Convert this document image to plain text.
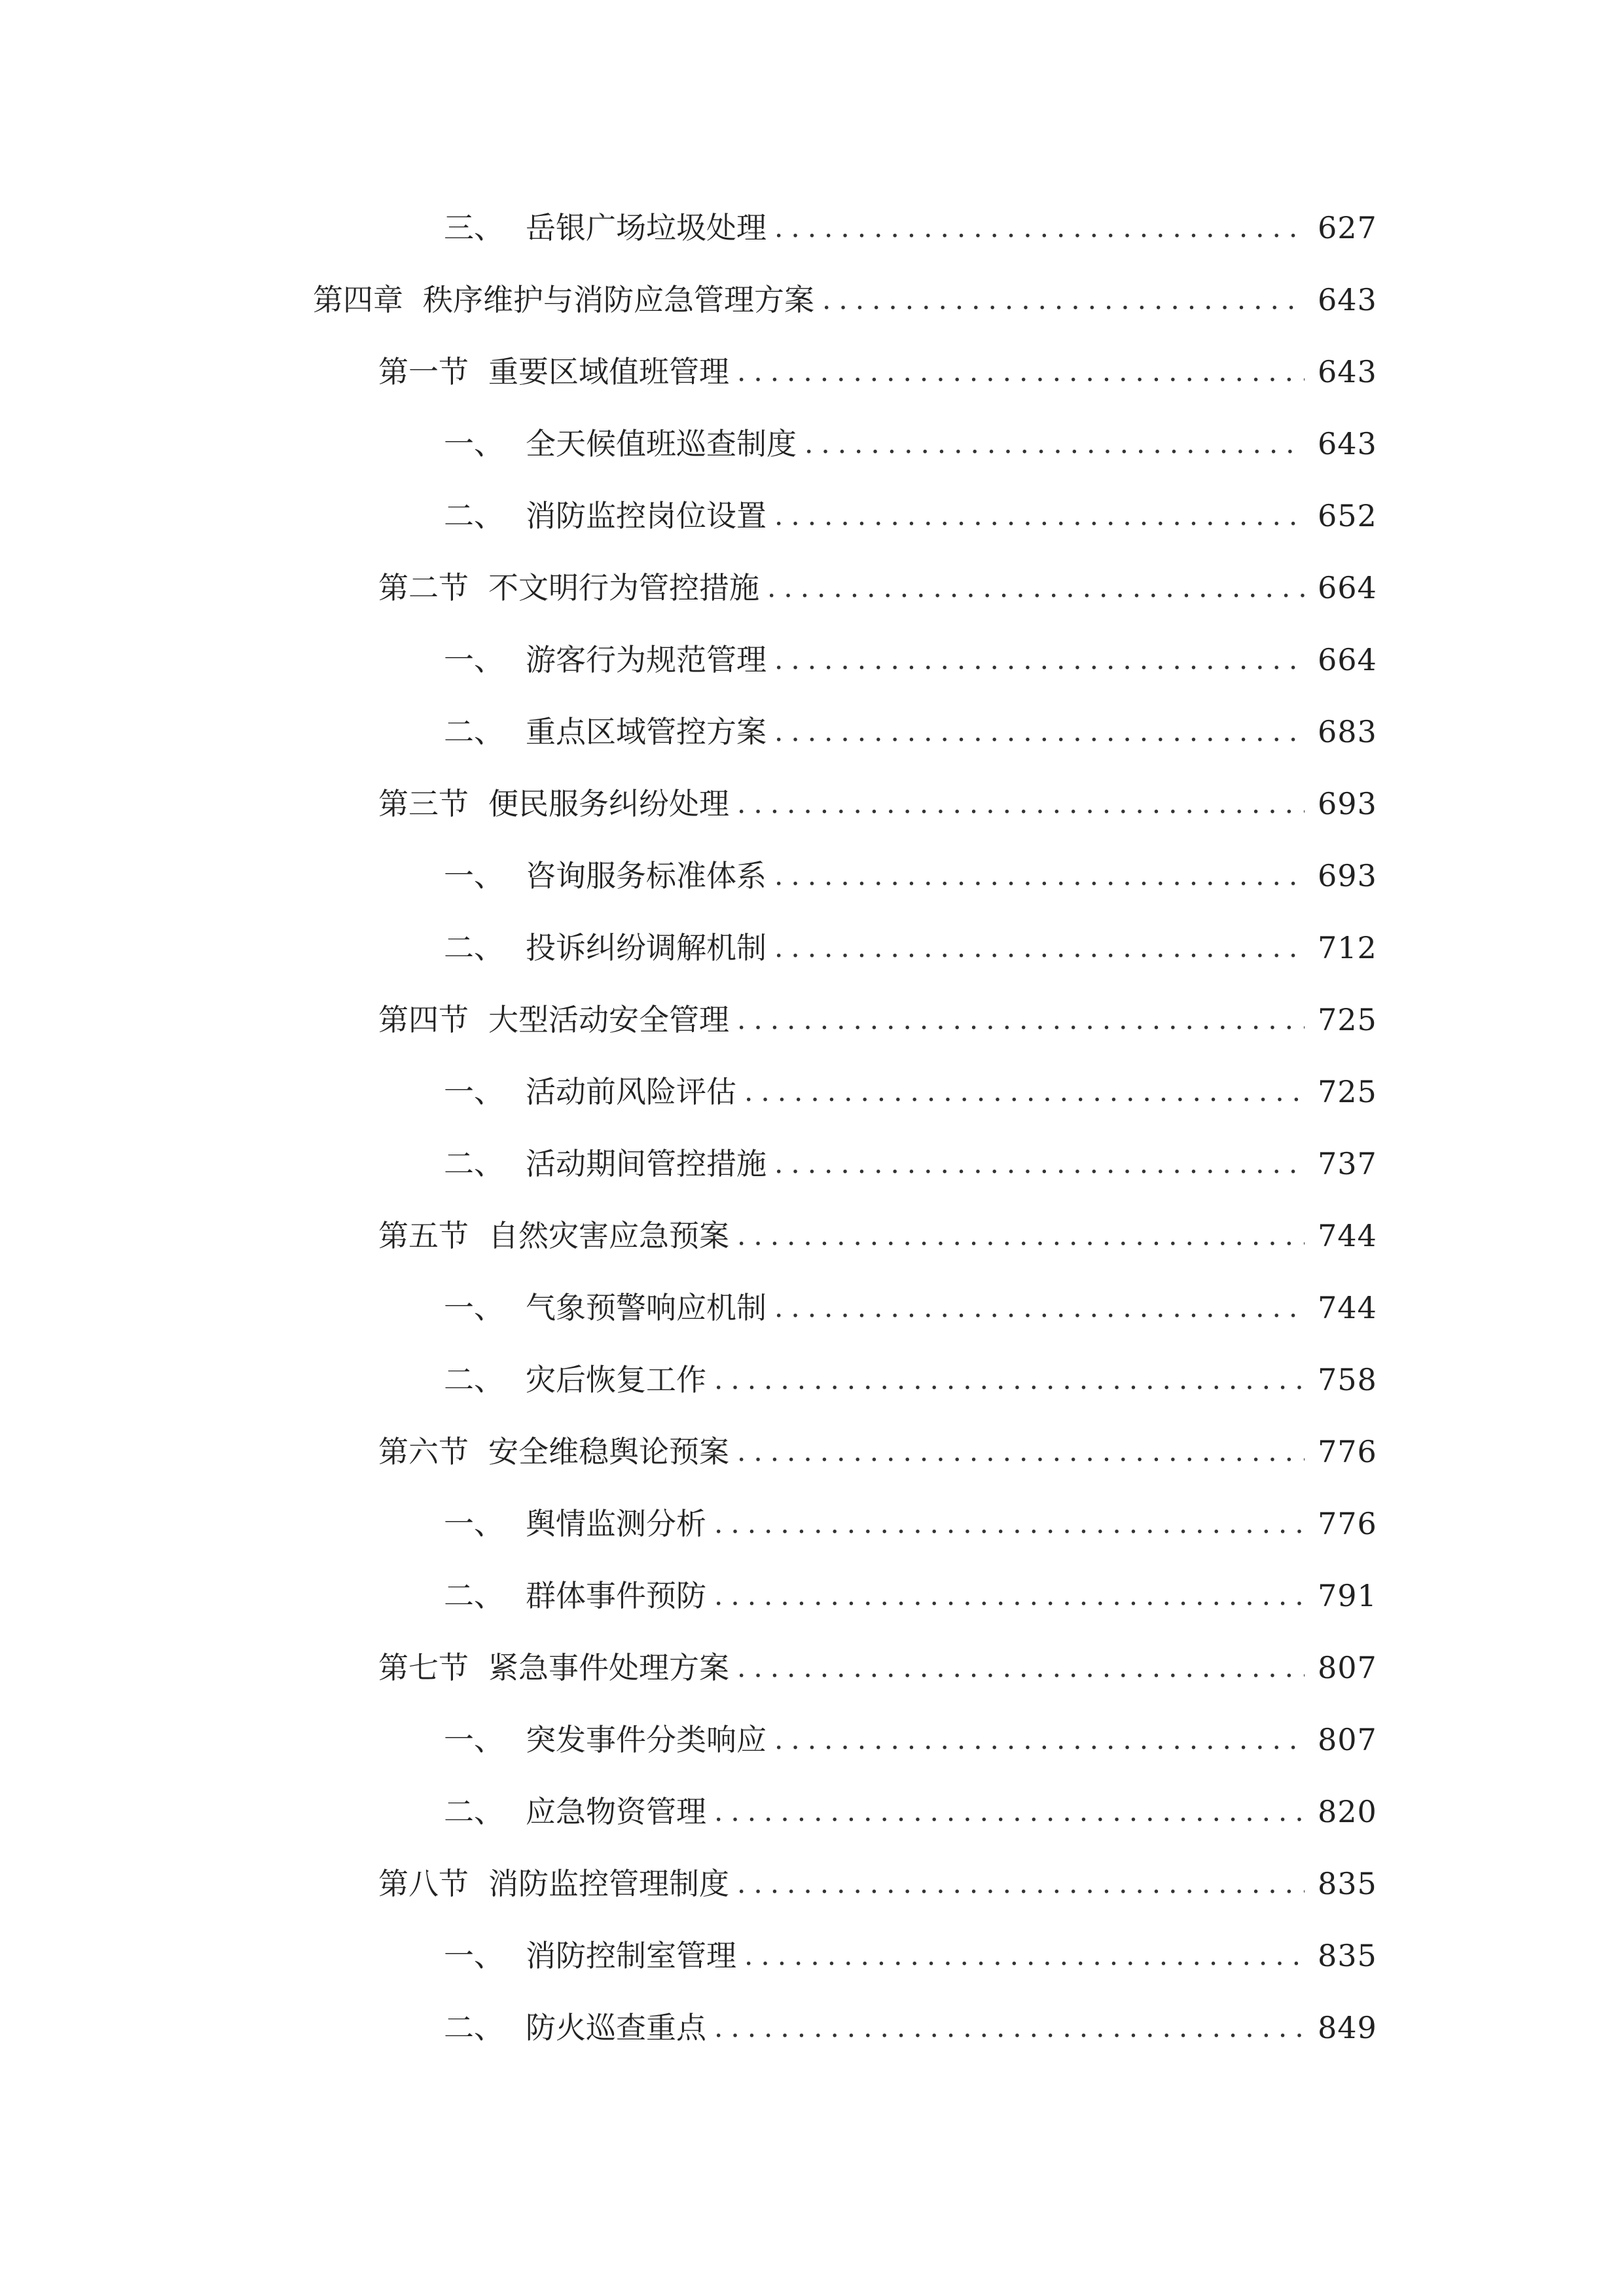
三、 岳银广场垃圾处理 .....	627
第四章 秩序维护与消防应急管理方案 .....	643
第一节 重要区域值班管理 .....	643
一、 全天候值班巡查制度 .....	643
二、 消防监控岗位设置 .....	652
第二节 不文明行为管控措施 .....	664
一、 游客行为规范管理 .....	664
二、 重点区域管控方案 .....	683
第三节 便民服务纠纷处理 .....	693
一、 咨询服务标准体系 .....	693
二、 投诉纠纷调解机制 .....	712
第四节 大型活动安全管理 .....	725
一、 活动前风险评估 .....	725
二、 活动期间管控措施 .....	737
第五节 自然灾害应急预案 .....	744
一、 气象预警响应机制 .....	744
二、 灾后恢复工作 .....	758
第六节 安全维稳舆论预案 .....	776
一、 舆情监测分析 .....	776
二、 群体事件预防 .....	791
第七节 紧急事件处理方案 .....	807
一、 突发事件分类响应 .....	807
二、 应急物资管理 .....	820
第八节 消防监控管理制度 .....	835
一、 消防控制室管理 .....	835
二、 防火巡查重点 .....	849
